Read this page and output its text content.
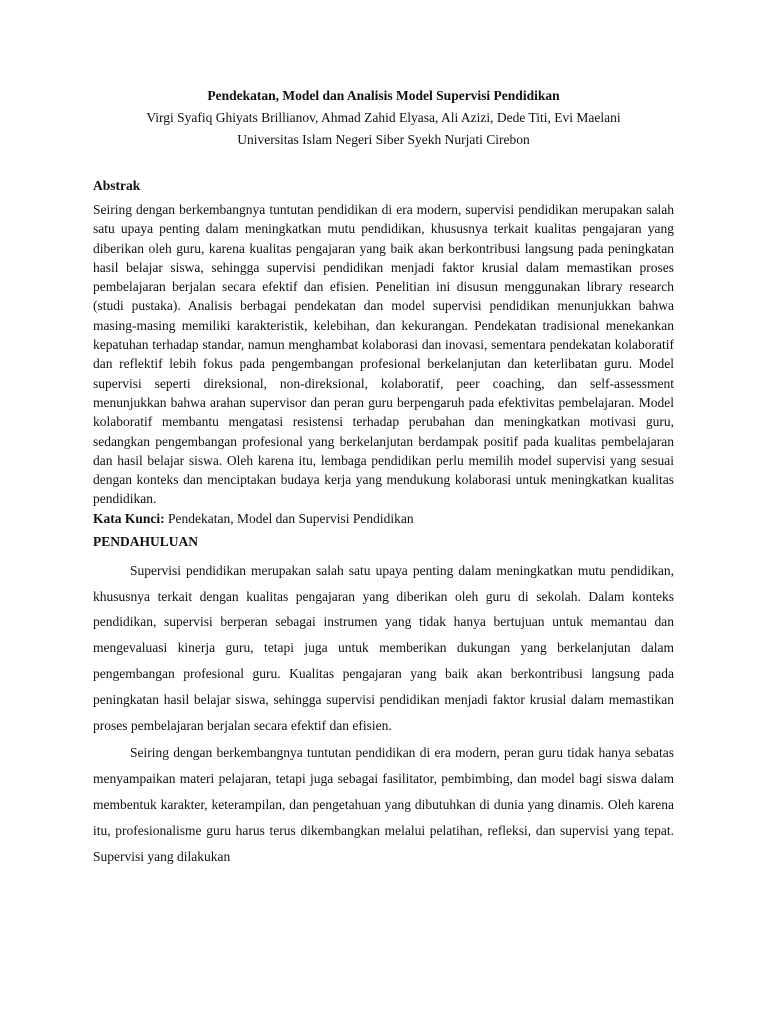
Pendekatan, Model dan Analisis Model Supervisi Pendidikan

Virgi Syafiq Ghiyats Brillianov, Ahmad Zahid Elyasa, Ali Azizi, Dede Titi, Evi Maelani

Universitas Islam Negeri Siber Syekh Nurjati Cirebon

Abstrak

Seiring dengan berkembangnya tuntutan pendidikan di era modern, supervisi pendidikan merupakan salah satu upaya penting dalam meningkatkan mutu pendidikan, khususnya terkait kualitas pengajaran yang diberikan oleh guru, karena kualitas pengajaran yang baik akan berkontribusi langsung pada peningkatan hasil belajar siswa, sehingga supervisi pendidikan menjadi faktor krusial dalam memastikan proses pembelajaran berjalan secara efektif dan efisien. Penelitian ini disusun menggunakan library research (studi pustaka). Analisis berbagai pendekatan dan model supervisi pendidikan menunjukkan bahwa masing-masing memiliki karakteristik, kelebihan, dan kekurangan. Pendekatan tradisional menekankan kepatuhan terhadap standar, namun menghambat kolaborasi dan inovasi, sementara pendekatan kolaboratif dan reflektif lebih fokus pada pengembangan profesional berkelanjutan dan keterlibatan guru. Model supervisi seperti direksional, non-direksional, kolaboratif, peer coaching, dan self-assessment menunjukkan bahwa arahan supervisor dan peran guru berpengaruh pada efektivitas pembelajaran. Model kolaboratif membantu mengatasi resistensi terhadap perubahan dan meningkatkan motivasi guru, sedangkan pengembangan profesional yang berkelanjutan berdampak positif pada kualitas pembelajaran dan hasil belajar siswa. Oleh karena itu, lembaga pendidikan perlu memilih model supervisi yang sesuai dengan konteks dan menciptakan budaya kerja yang mendukung kolaborasi untuk meningkatkan kualitas pendidikan.

Kata Kunci: Pendekatan, Model dan Supervisi Pendidikan

PENDAHULUAN

Supervisi pendidikan merupakan salah satu upaya penting dalam meningkatkan mutu pendidikan, khususnya terkait dengan kualitas pengajaran yang diberikan oleh guru di sekolah. Dalam konteks pendidikan, supervisi berperan sebagai instrumen yang tidak hanya bertujuan untuk memantau dan mengevaluasi kinerja guru, tetapi juga untuk memberikan dukungan yang berkelanjutan dalam pengembangan profesional guru. Kualitas pengajaran yang baik akan berkontribusi langsung pada peningkatan hasil belajar siswa, sehingga supervisi pendidikan menjadi faktor krusial dalam memastikan proses pembelajaran berjalan secara efektif dan efisien.

Seiring dengan berkembangnya tuntutan pendidikan di era modern, peran guru tidak hanya sebatas menyampaikan materi pelajaran, tetapi juga sebagai fasilitator, pembimbing, dan model bagi siswa dalam membentuk karakter, keterampilan, dan pengetahuan yang dibutuhkan di dunia yang dinamis. Oleh karena itu, profesionalisme guru harus terus dikembangkan melalui pelatihan, refleksi, dan supervisi yang tepat. Supervisi yang dilakukan
